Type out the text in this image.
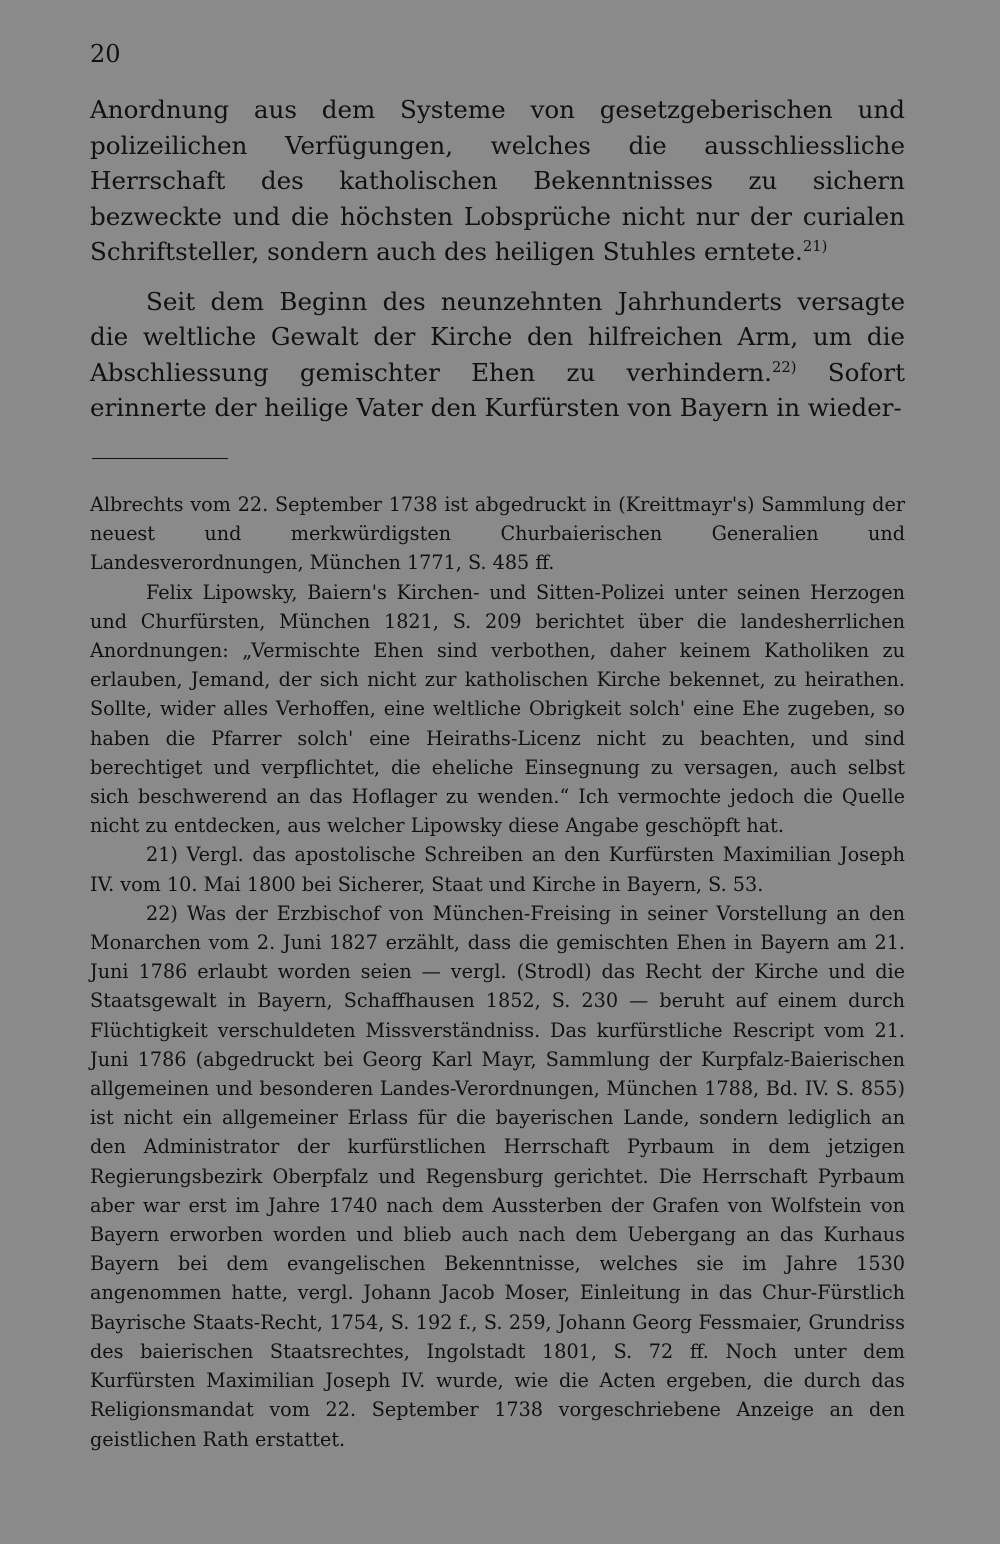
20

Anordnung aus dem Systeme von gesetzgeberischen und polizeilichen Verfügungen, welches die ausschliessliche Herrschaft des katholischen Bekenntnisses zu sichern bezweckte und die höchsten Lobsprüche nicht nur der curialen Schriftsteller, sondern auch des heiligen Stuhles erntete.$^{21)}$

Seit dem Beginn des neunzehnten Jahrhunderts versagte die weltliche Gewalt der Kirche den hilfreichen Arm, um die Abschliessung gemischter Ehen zu verhindern.$^{22)}$ Sofort erinnerte der heilige Vater den Kurfürsten von Bayern in wieder-

Albrechts vom 22. September 1738 ist abgedruckt in (Kreittmayr's) Sammlung der neuest und merkwürdigsten Churbaierischen Generalien und Landesverordnungen, München 1771, S. 485 ff.

Felix Lipowsky, Baiern's Kirchen- und Sitten-Polizei unter seinen Herzogen und Churfürsten, München 1821, S. 209 berichtet über die landesherrlichen Anordnungen: „Vermischte Ehen sind verbothen, daher keinem Katholiken zu erlauben, Jemand, der sich nicht zur katholischen Kirche bekennet, zu heirathen. Sollte, wider alles Verhoffen, eine weltliche Obrigkeit solch' eine Ehe zugeben, so haben die Pfarrer solch' eine Heiraths-Licenz nicht zu beachten, und sind berechtiget und verpflichtet, die eheliche Einsegnung zu versagen, auch selbst sich beschwerend an das Hoflager zu wenden.“ Ich vermochte jedoch die Quelle nicht zu entdecken, aus welcher Lipowsky diese Angabe geschöpft hat.

21) Vergl. das apostolische Schreiben an den Kurfürsten Maximilian Joseph IV. vom 10. Mai 1800 bei Sicherer, Staat und Kirche in Bayern, S. 53.

22) Was der Erzbischof von München-Freising in seiner Vorstellung an den Monarchen vom 2. Juni 1827 erzählt, dass die gemischten Ehen in Bayern am 21. Juni 1786 erlaubt worden seien — vergl. (Strodl) das Recht der Kirche und die Staatsgewalt in Bayern, Schaffhausen 1852, S. 230 — beruht auf einem durch Flüchtigkeit verschuldeten Missverständniss. Das kurfürstliche Rescript vom 21. Juni 1786 (abgedruckt bei Georg Karl Mayr, Sammlung der Kurpfalz-Baierischen allgemeinen und besonderen Landes-Verordnungen, München 1788, Bd. IV. S. 855) ist nicht ein allgemeiner Erlass für die bayerischen Lande, sondern lediglich an den Administrator der kurfürstlichen Herrschaft Pyrbaum in dem jetzigen Regierungsbezirk Oberpfalz und Regensburg gerichtet. Die Herrschaft Pyrbaum aber war erst im Jahre 1740 nach dem Aussterben der Grafen von Wolfstein von Bayern erworben worden und blieb auch nach dem Uebergang an das Kurhaus Bayern bei dem evangelischen Bekenntnisse, welches sie im Jahre 1530 angenommen hatte, vergl. Johann Jacob Moser, Einleitung in das Chur-Fürstlich Bayrische Staats-Recht, 1754, S. 192 f., S. 259, Johann Georg Fessmaier, Grundriss des baierischen Staatsrechtes, Ingolstadt 1801, S. 72 ff. Noch unter dem Kurfürsten Maximilian Joseph IV. wurde, wie die Acten ergeben, die durch das Religionsmandat vom 22. September 1738 vorgeschriebene Anzeige an den geistlichen Rath erstattet.
